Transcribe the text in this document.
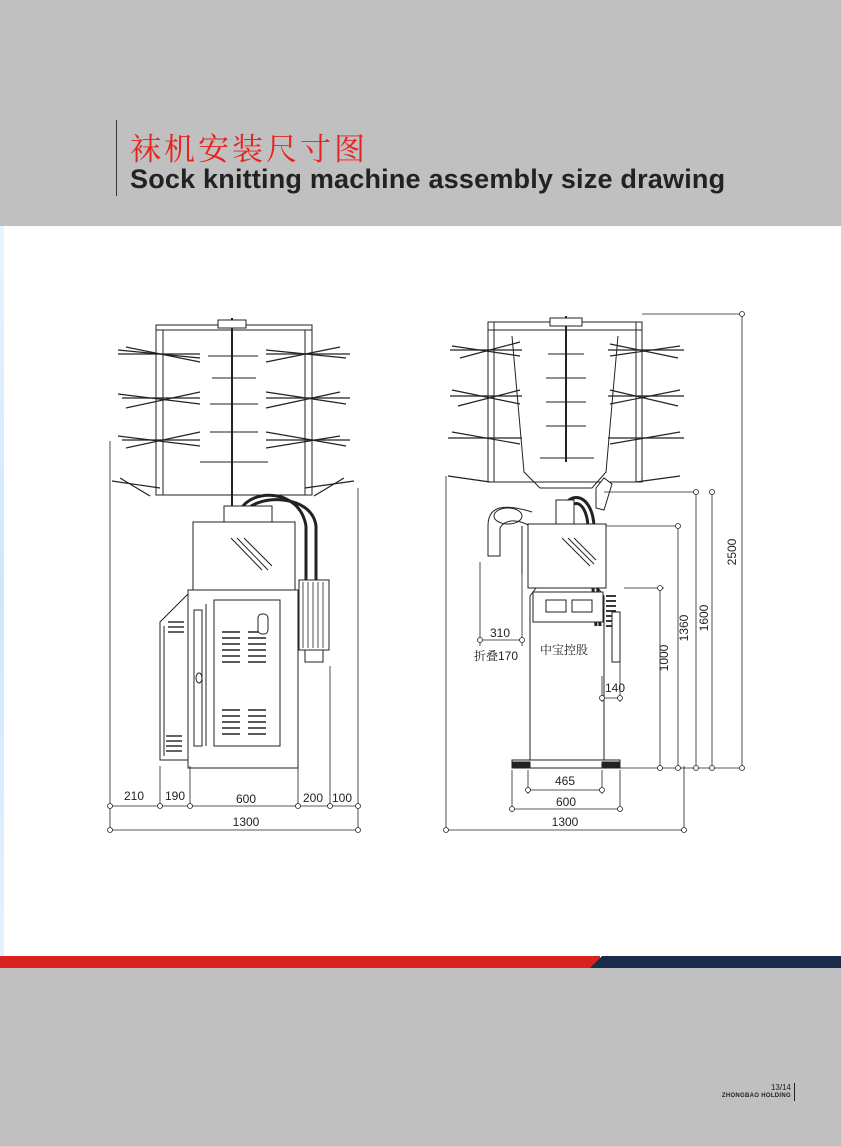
袜机安装尺寸图
Sock knitting machine assembly size drawing
210 190	600	200 100
1300
310
折叠170 中宝控股
140
465
600
1300
1000
1360 1600
2500
13/14
ZHONGBAO HOLDING
